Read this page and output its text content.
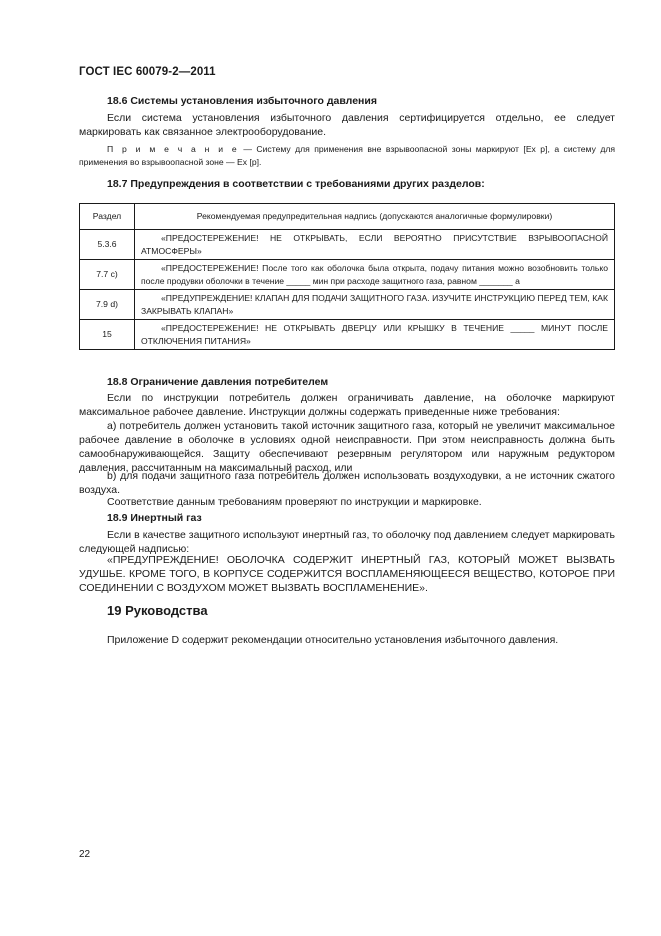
ГОСТ IEC 60079-2—2011
18.6 Системы установления избыточного давления
Если система установления избыточного давления сертифицируется отдельно, ее следует маркировать как связанное электрооборудование.
П р и м е ч а н и е — Систему для применения вне взрывоопасной зоны маркируют [Ex p], а систему для применения во взрывоопасной зоне — Ex [p].
18.7 Предупреждения в соответствии с требованиями других разделов:
Раздел	Рекомендуемая предупредительная надпись (допускаются аналогичные формулировки)
5.3.6	«ПРЕДОСТЕРЕЖЕНИЕ! НЕ ОТКРЫВАТЬ, ЕСЛИ ВЕРОЯТНО ПРИСУТСТВИЕ ВЗРЫВООПАСНОЙ АТМОСФЕРЫ»
7.7 с)	«ПРЕДОСТЕРЕЖЕНИЕ! После того как оболочка была открыта, подачу питания можно возобновить только после продувки оболочки в течение _____ мин при расходе защитного газа, равном _______ а
7.9 d)	«ПРЕДУПРЕЖДЕНИЕ! КЛАПАН ДЛЯ ПОДАЧИ ЗАЩИТНОГО ГАЗА. ИЗУЧИТЕ ИНСТРУКЦИЮ ПЕРЕД ТЕМ, КАК ЗАКРЫВАТЬ КЛАПАН»
15	«ПРЕДОСТЕРЕЖЕНИЕ! НЕ ОТКРЫВАТЬ ДВЕРЦУ ИЛИ КРЫШКУ В ТЕЧЕНИЕ _____ МИНУТ ПОСЛЕ ОТКЛЮЧЕНИЯ ПИТАНИЯ»
18.8 Ограничение давления потребителем
Если по инструкции потребитель должен ограничивать давление, на оболочке маркируют максимальное рабочее давление. Инструкции должны содержать приведенные ниже требования:
a) потребитель должен установить такой источник защитного газа, который не увеличит максимальное рабочее давление в оболочке в условиях одной неисправности. При этом неисправность должна быть самообнаруживающейся. Защиту обеспечивают резервным регулятором или наружным редуктором давления, рассчитанным на максимальный расход, или
b) для подачи защитного газа потребитель должен использовать воздуходувки, а не источник сжатого воздуха.
Соответствие данным требованиям проверяют по инструкции и маркировке.
18.9 Инертный газ
Если в качестве защитного используют инертный газ, то оболочку под давлением следует маркировать следующей надписью:
«ПРЕДУПРЕЖДЕНИЕ! ОБОЛОЧКА СОДЕРЖИТ ИНЕРТНЫЙ ГАЗ, КОТОРЫЙ МОЖЕТ ВЫЗВАТЬ УДУШЬЕ. КРОМЕ ТОГО, В КОРПУСЕ СОДЕРЖИТСЯ ВОСПЛАМЕНЯЮЩЕЕСЯ ВЕЩЕСТВО, КОТОРОЕ ПРИ СОЕДИНЕНИИ С ВОЗДУХОМ МОЖЕТ ВЫЗВАТЬ ВОСПЛАМЕНЕНИЕ».
19 Руководства
Приложение D содержит рекомендации относительно установления избыточного давления.
22
